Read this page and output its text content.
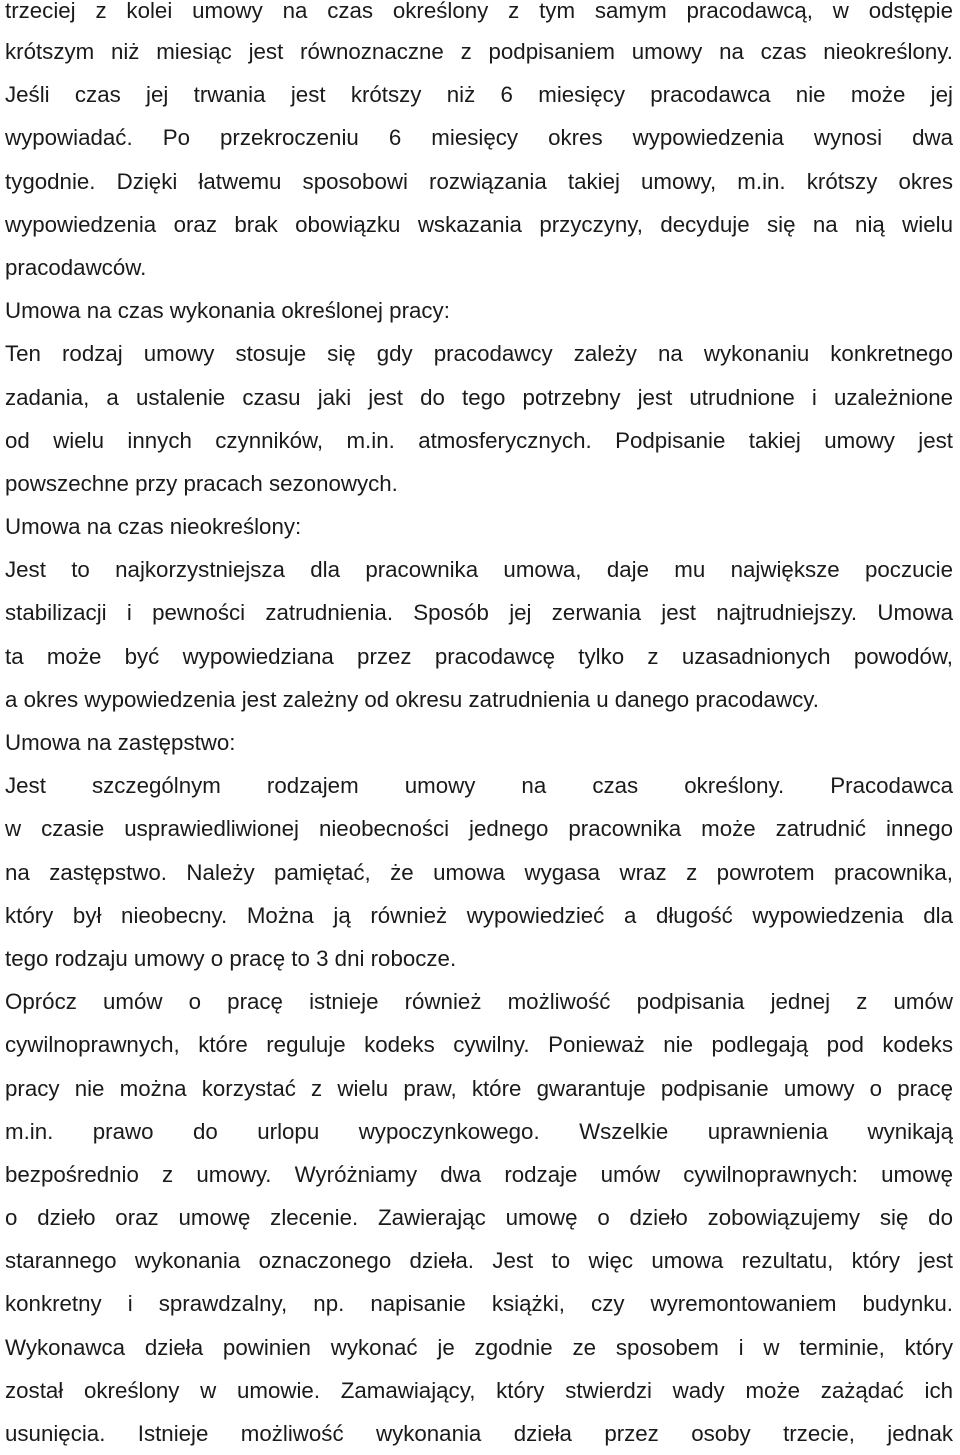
trzeciej z kolei umowy na czas określony z tym samym pracodawcą, w odstępie
krótszym niż miesiąc jest równoznaczne z podpisaniem umowy na czas nieokreślony.
Jeśli czas jej trwania jest krótszy niż 6 miesięcy pracodawca nie może jej
wypowiadać. Po przekroczeniu 6 miesięcy okres wypowiedzenia wynosi dwa
tygodnie. Dzięki łatwemu sposobowi rozwiązania takiej umowy, m.in. krótszy okres
wypowiedzenia oraz brak obowiązku wskazania przyczyny, decyduje się na nią wielu
pracodawców.
Umowa na czas wykonania określonej pracy:
Ten rodzaj umowy stosuje się gdy pracodawcy zależy na wykonaniu konkretnego
zadania, a ustalenie czasu jaki jest do tego potrzebny jest utrudnione i uzależnione
od wielu innych czynników, m.in. atmosferycznych. Podpisanie takiej umowy jest
powszechne przy pracach sezonowych.
Umowa na czas nieokreślony:
Jest to najkorzystniejsza dla pracownika umowa, daje mu największe poczucie
stabilizacji i pewności zatrudnienia. Sposób jej zerwania jest najtrudniejszy. Umowa
ta może być wypowiedziana przez pracodawcę tylko z uzasadnionych powodów,
a okres wypowiedzenia jest zależny od okresu zatrudnienia u danego pracodawcy.
Umowa na zastępstwo:
Jest szczególnym rodzajem umowy na czas określony. Pracodawca
w czasie usprawiedliwionej nieobecności jednego pracownika może zatrudnić innego
na zastępstwo. Należy pamiętać, że umowa wygasa wraz z powrotem pracownika,
który był nieobecny. Można ją również wypowiedzieć a długość wypowiedzenia dla
tego rodzaju umowy o pracę to 3 dni robocze.
Oprócz umów o pracę istnieje również możliwość podpisania jednej z umów
cywilnoprawnych, które reguluje kodeks cywilny. Ponieważ nie podlegają pod kodeks
pracy nie można korzystać z wielu praw, które gwarantuje podpisanie umowy o pracę
m.in. prawo do urlopu wypoczynkowego. Wszelkie uprawnienia wynikają
bezpośrednio z umowy. Wyróżniamy dwa rodzaje umów cywilnoprawnych: umowę
o dzieło oraz umowę zlecenie. Zawierając umowę o dzieło zobowiązujemy się do
starannego wykonania oznaczonego dzieła. Jest to więc umowa rezultatu, który jest
konkretny i sprawdzalny, np. napisanie książki, czy wyremontowaniem budynku.
Wykonawca dzieła powinien wykonać je zgodnie ze sposobem i w terminie, który
został określony w umowie. Zamawiający, który stwierdzi wady może zażądać ich
usunięcia. Istnieje możliwość wykonania dzieła przez osoby trzecie, jednak
